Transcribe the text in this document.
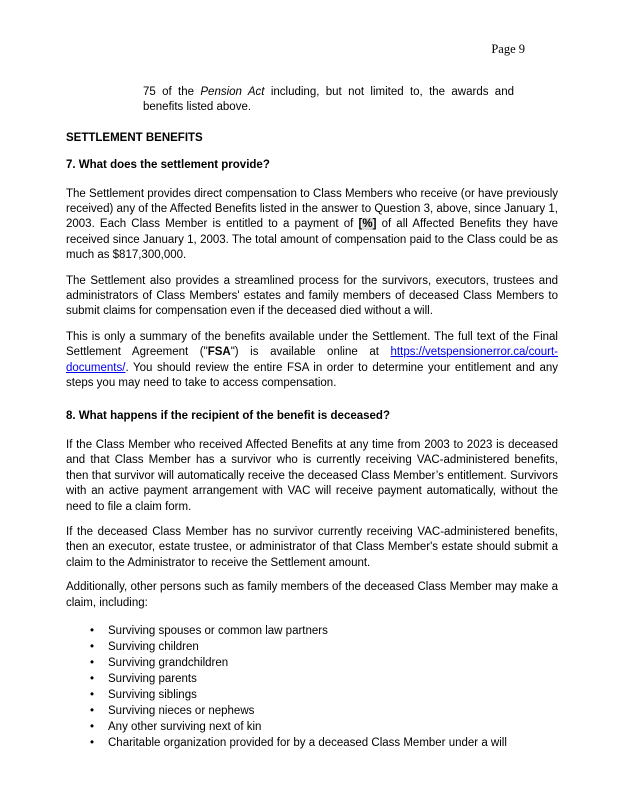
Page 9

75 of the Pension Act including, but not limited to, the awards and benefits listed above.

SETTLEMENT BENEFITS
7. What does the settlement provide?

The Settlement provides direct compensation to Class Members who receive (or have previously received) any of the Affected Benefits listed in the answer to Question 3, above, since January 1, 2003. Each Class Member is entitled to a payment of [%] of all Affected Benefits they have received since January 1, 2003. The total amount of compensation paid to the Class could be as much as $817,300,000.

The Settlement also provides a streamlined process for the survivors, executors, trustees and administrators of Class Members' estates and family members of deceased Class Members to submit claims for compensation even if the deceased died without a will.

This is only a summary of the benefits available under the Settlement. The full text of the Final Settlement Agreement ("FSA") is available online at https://vetspensionerror.ca/court-documents/. You should review the entire FSA in order to determine your entitlement and any steps you may need to take to access compensation.

8. What happens if the recipient of the benefit is deceased?

If the Class Member who received Affected Benefits at any time from 2003 to 2023 is deceased and that Class Member has a survivor who is currently receiving VAC-administered benefits, then that survivor will automatically receive the deceased Class Member’s entitlement. Survivors with an active payment arrangement with VAC will receive payment automatically, without the need to file a claim form.

If the deceased Class Member has no survivor currently receiving VAC-administered benefits, then an executor, estate trustee, or administrator of that Class Member's estate should submit a claim to the Administrator to receive the Settlement amount.

Additionally, other persons such as family members of the deceased Class Member may make a claim, including:

• Surviving spouses or common law partners
• Surviving children
• Surviving grandchildren
• Surviving parents
• Surviving siblings
• Surviving nieces or nephews
• Any other surviving next of kin
• Charitable organization provided for by a deceased Class Member under a will
